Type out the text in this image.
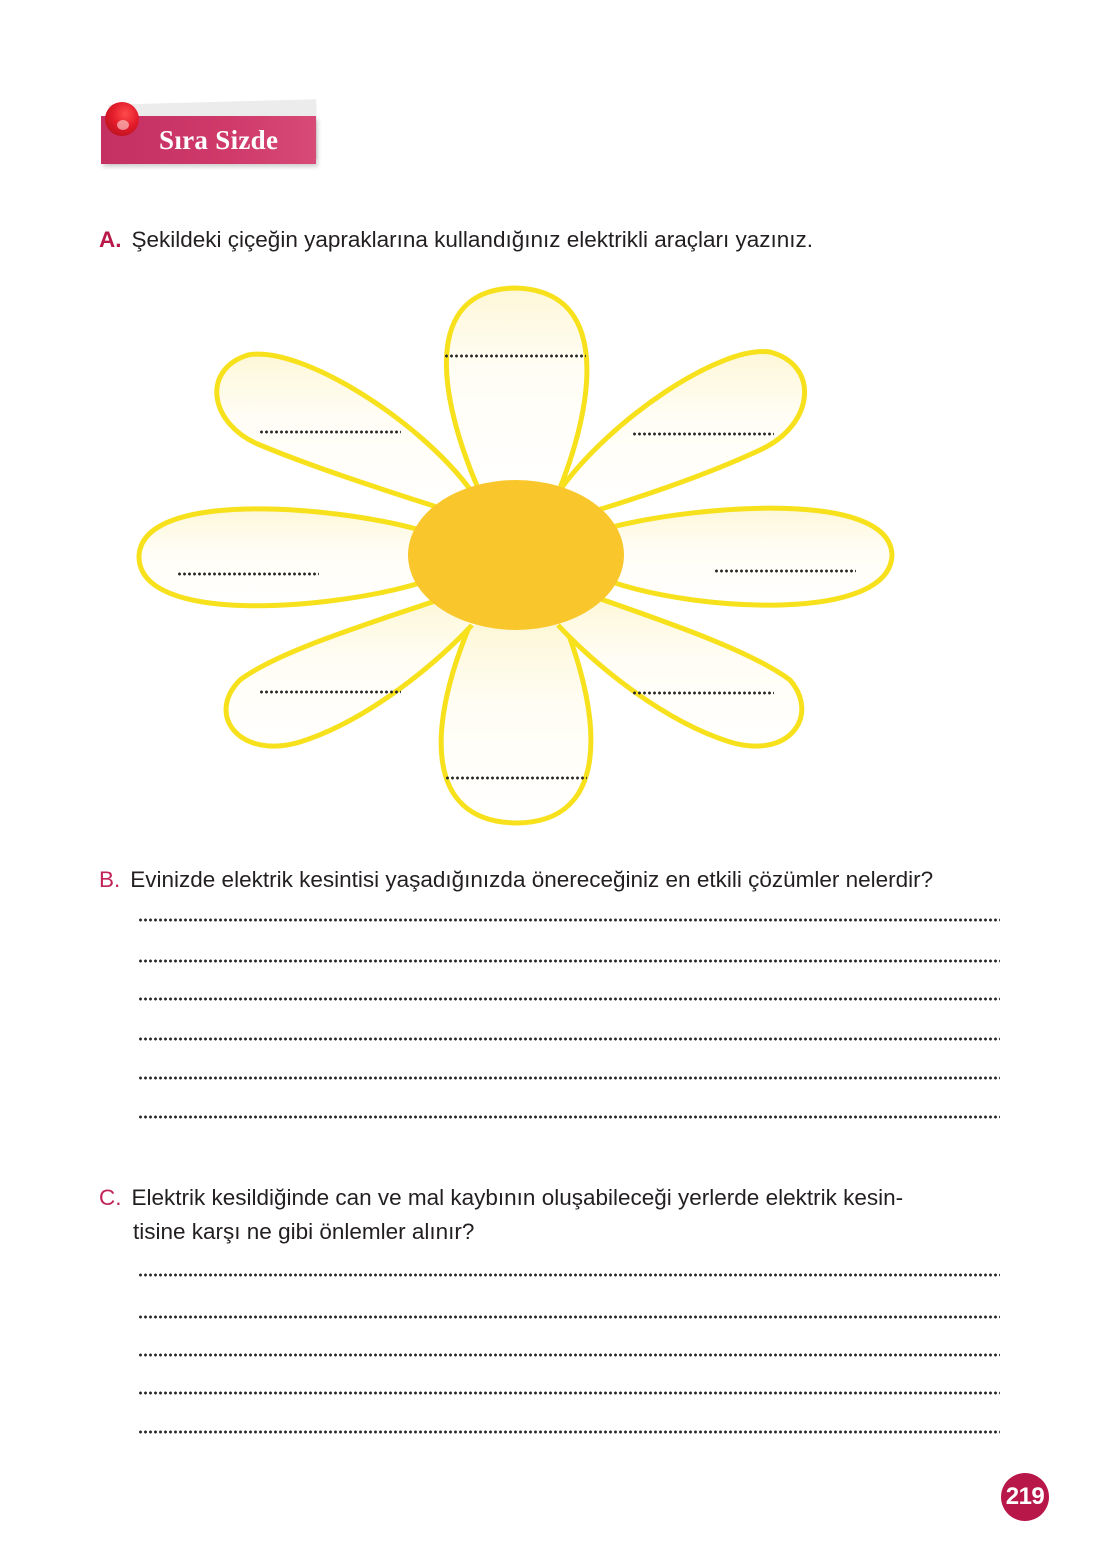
Sıra Sizde
A. Şekildeki çiçeğin yapraklarına kullandığınız elektrikli araçları yazınız.
B. Evinizde elektrik kesintisi yaşadığınızda önereceğiniz en etkili çözümler nelerdir?
C. Elektrik kesildiğinde can ve mal kaybının oluşabileceği yerlerde elektrik kesin-
tisine karşı ne gibi önlemler alınır?
219
